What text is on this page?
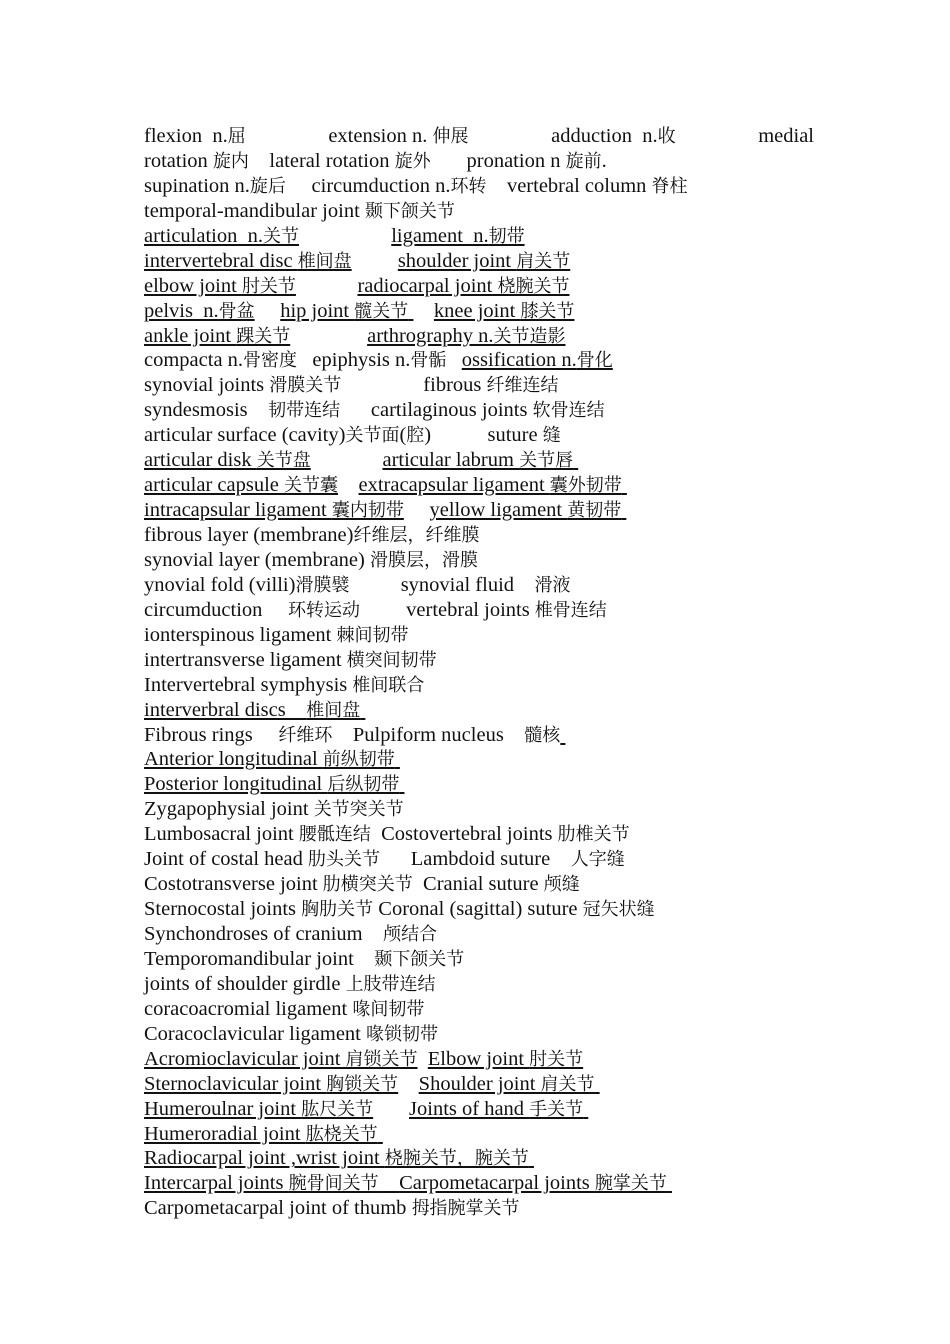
flexion  n.屈	extension n. 伸展	adduction  n.收	medial
rotation 旋内    lateral rotation 旋外       pronation n 旋前.
supination n.旋后     circumduction n.环转    vertebral column 脊柱
temporal-mandibular joint 颞下颌关节
articulation  n.关节	ligament  n.韧带
intervertebral disc 椎间盘 shoulder joint 肩关节
elbow joint 肘关节	radiocarpal joint 桡腕关节
pelvis  n.骨盆 hip joint 髋关节 knee joint 膝关节
ankle joint 踝关节	arthrography n.关节造影
compacta n.骨密度   epiphysis n.骨骺 ossification n.骨化
synovial joints 滑膜关节                fibrous 纤维连结
syndesmosis    韧带连结      cartilaginous joints 软骨连结
articular surface (cavity)关节面(腔)           suture 缝
articular disk 关节盘	articular labrum 关节唇
articular capsule 关节囊 extracapsular ligament 囊外韧带
intracapsular ligament 囊内韧带 yellow ligament 黄韧带
fibrous layer (membrane)纤维层，纤维膜
synovial layer (membrane) 滑膜层，滑膜
ynovial fold (villi)滑膜襞          synovial fluid    滑液
circumduction     环转运动         vertebral joints 椎骨连结
ionterspinous ligament 棘间韧带
intertransverse ligament 横突间韧带
Intervertebral symphysis 椎间联合
interverbral discs    椎间盘
Fibrous rings     纤维环    Pulpiform nucleus    髓核
Anterior longitudinal 前纵韧带
Posterior longitudinal 后纵韧带
Zygapophysial joint 关节突关节
Lumbosacral joint 腰骶连结  Costovertebral joints 肋椎关节
Joint of costal head 肋头关节      Lambdoid suture    人字缝
Costotransverse joint 肋横突关节  Cranial suture 颅缝
Sternocostal joints 胸肋关节 Coronal (sagittal) suture 冠矢状缝
Synchondroses of cranium    颅结合
Temporomandibular joint    颞下颌关节
joints of shoulder girdle 上肢带连结
coracoacromial ligament 喙间韧带
Coracoclavicular ligament 喙锁韧带
Acromioclavicular joint 肩锁关节 Elbow joint 肘关节
Sternoclavicular joint 胸锁关节 Shoulder joint 肩关节
Humeroulnar joint 肱尺关节 Joints of hand 手关节
Humeroradial joint 肱桡关节
Radiocarpal joint ,wrist joint 桡腕关节，腕关节
Intercarpal joints 腕骨间关节 Carpometacarpal joints 腕掌关节
Carpometacarpal joint of thumb 拇指腕掌关节
